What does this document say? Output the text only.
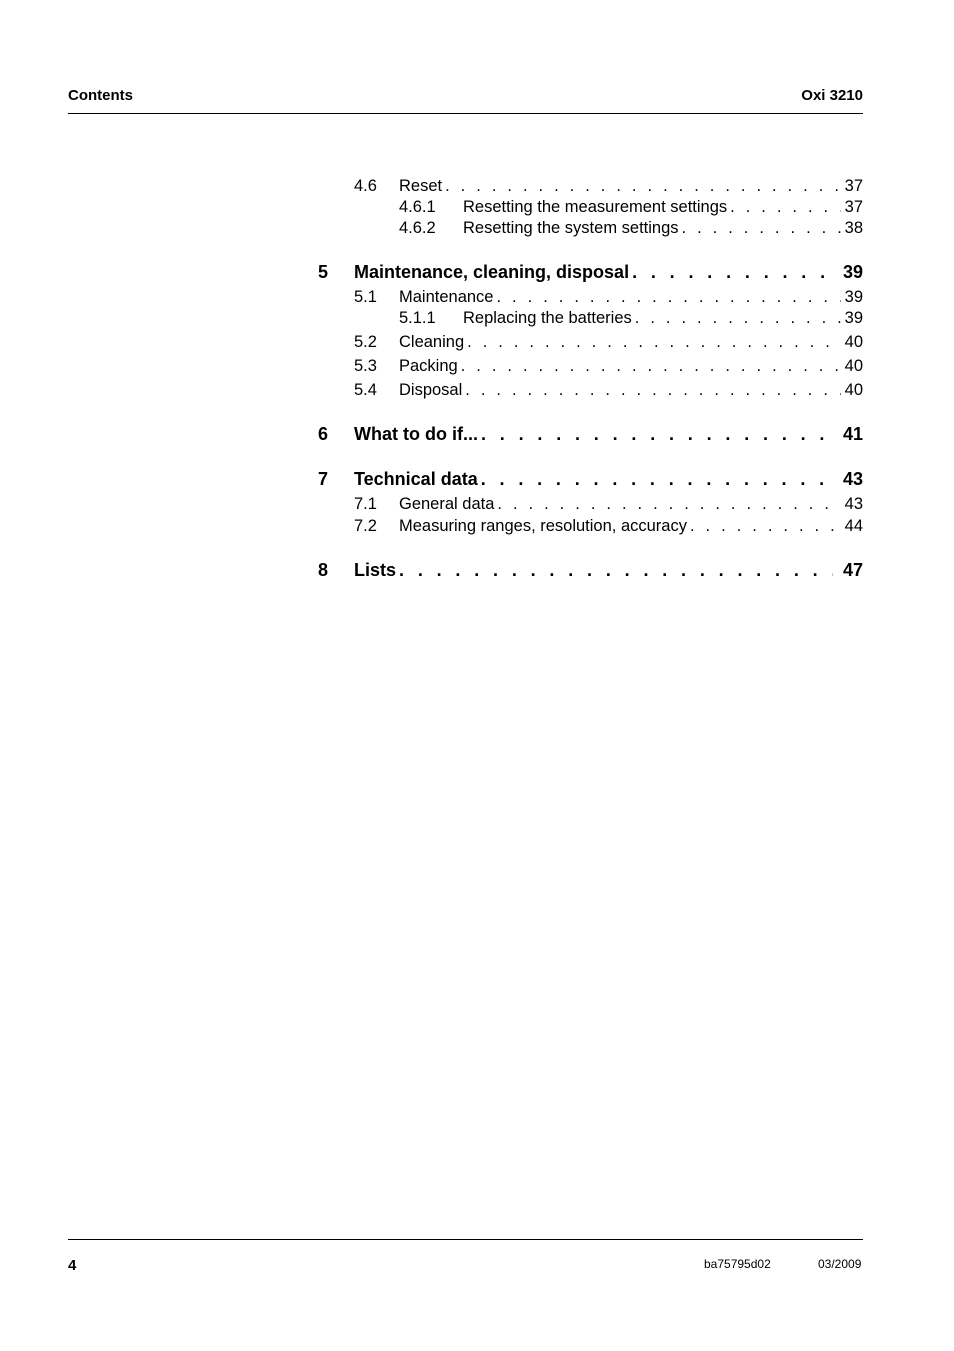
Contents	Oxi 3210
4.6	Reset . . .	37
4.6.1	Resetting the measurement settings . . .	37
4.6.2	Resetting the system settings . . .	38
5	Maintenance, cleaning, disposal . . .	39
5.1	Maintenance . . .	39
5.1.1	Replacing the batteries . . .	39
5.2	Cleaning . . .	40
5.3	Packing . . .	40
5.4	Disposal . . .	40
6	What to do if... . . .	41
7	Technical data . . .	43
7.1	General data . . .	43
7.2	Measuring ranges, resolution, accuracy . . .	44
8	Lists . . .	47
4	ba75795d02	03/2009
